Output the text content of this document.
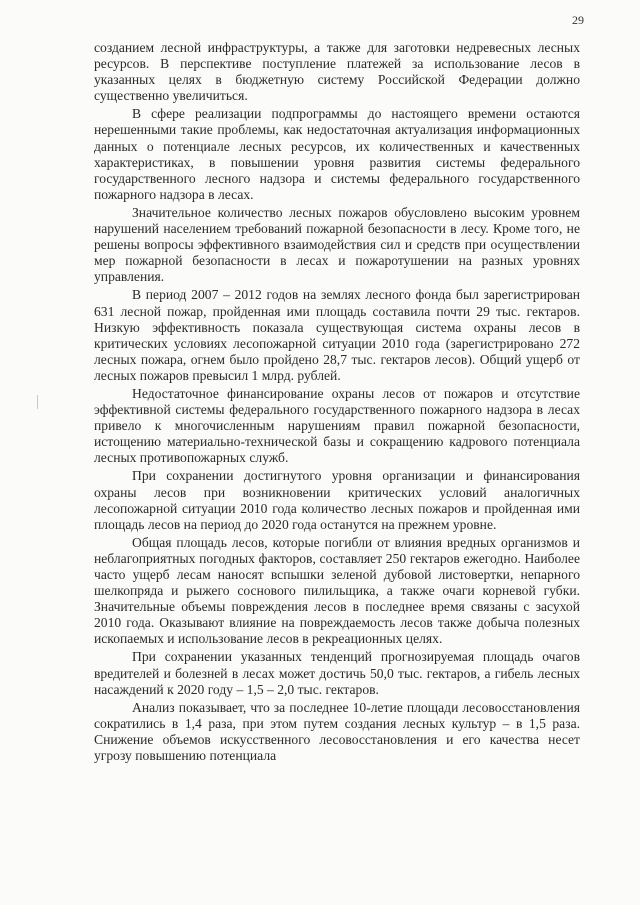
29

созданием лесной инфраструктуры, а также для заготовки недревесных лесных ресурсов. В перспективе поступление платежей за использование лесов в указанных целях в бюджетную систему Российской Федерации должно существенно увеличиться.

В сфере реализации подпрограммы до настоящего времени остаются нерешенными такие проблемы, как недостаточная актуализация информационных данных о потенциале лесных ресурсов, их количественных и качественных характеристиках, в повышении уровня развития системы федерального государственного лесного надзора и системы федерального государственного пожарного надзора в лесах.

Значительное количество лесных пожаров обусловлено высоким уровнем нарушений населением требований пожарной безопасности в лесу. Кроме того, не решены вопросы эффективного взаимодействия сил и средств при осуществлении мер пожарной безопасности в лесах и пожаротушении на разных уровнях управления.

В период 2007 – 2012 годов на землях лесного фонда был зарегистрирован 631 лесной пожар, пройденная ими площадь составила почти 29 тыс. гектаров. Низкую эффективность показала существующая система охраны лесов в критических условиях лесопожарной ситуации 2010 года (зарегистрировано 272 лесных пожара, огнем было пройдено 28,7 тыс. гектаров лесов). Общий ущерб от лесных пожаров превысил 1 млрд. рублей.

Недостаточное финансирование охраны лесов от пожаров и отсутствие эффективной системы федерального государственного пожарного надзора в лесах привело к многочисленным нарушениям правил пожарной безопасности, истощению материально-технической базы и сокращению кадрового потенциала лесных противопожарных служб.

При сохранении достигнутого уровня организации и финансирования охраны лесов при возникновении критических условий аналогичных лесопожарной ситуации 2010 года количество лесных пожаров и пройденная ими площадь лесов на период до 2020 года останутся на прежнем уровне.

Общая площадь лесов, которые погибли от влияния вредных организмов и неблагоприятных погодных факторов, составляет 250 гектаров ежегодно. Наиболее часто ущерб лесам наносят вспышки зеленой дубовой листовертки, непарного шелкопряда и рыжего соснового пилильщика, а также очаги корневой губки. Значительные объемы повреждения лесов в последнее время связаны с засухой 2010 года. Оказывают влияние на повреждаемость лесов также добыча полезных ископаемых и использование лесов в рекреационных целях.

При сохранении указанных тенденций прогнозируемая площадь очагов вредителей и болезней в лесах может достичь 50,0 тыс. гектаров, а гибель лесных насаждений к 2020 году – 1,5 – 2,0 тыс. гектаров.

Анализ показывает, что за последнее 10-летие площади лесовосстановления сократились в 1,4 раза, при этом путем создания лесных культур – в 1,5 раза. Снижение объемов искусственного лесовосстановления и его качества несет угрозу повышению потенциала
